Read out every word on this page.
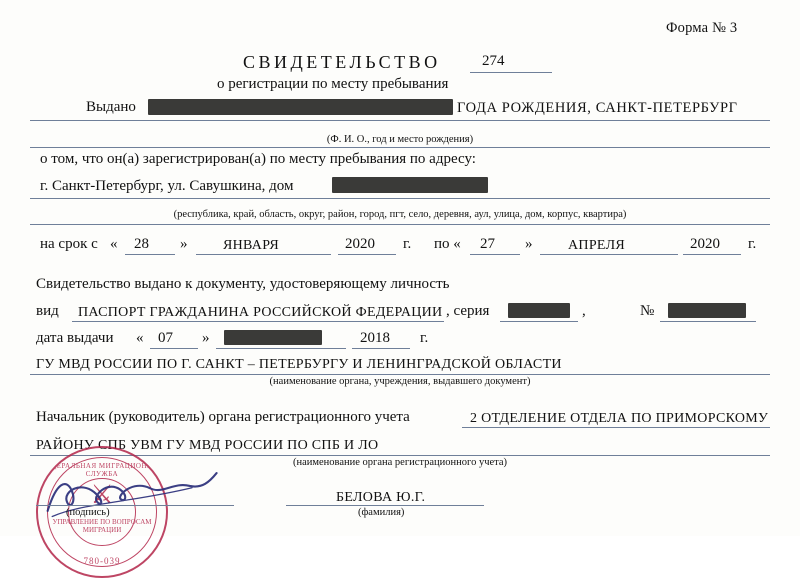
Форма № 3
СВИДЕТЕЛЬСТВО	274
о регистрации по месту пребывания
Выдано	ГОДА РОЖДЕНИЯ, САНКТ-ПЕТЕРБУРГ
(Ф. И. О., год и место рождения)
о том, что он(а) зарегистрирован(а) по месту пребывания по адресу:
г. Санкт-Петербург, ул. Савушкина, дом
(республика, край, область, округ, район, город, пгт, село, деревня, аул, улица, дом, корпус, квартира)
на срок с « 28 »	ЯНВАРЯ	2020 г. по « 27 »	АПРЕЛЯ	2020 г.
Свидетельство выдано к документу, удостоверяющему личность
вид ПАСПОРТ ГРАЖДАНИНА РОССИЙСКОЙ ФЕДЕРАЦИИ , серия	,	№
дата выдачи « 07 »	2018 г.
ГУ МВД РОССИИ ПО Г. САНКТ – ПЕТЕРБУРГУ И ЛЕНИНГРАДСКОЙ ОБЛАСТИ
(наименование органа, учреждения, выдавшего документ)
Начальник (руководитель) органа регистрационного учета	2 ОТДЕЛЕНИЕ ОТДЕЛА ПО ПРИМОРСКОМУ
РАЙОНУ СПБ УВМ ГУ МВД РОССИИ ПО СПБ И ЛО
(наименование органа регистрационного учета)
ФЕДЕРАЛЬНАЯ МИГРАЦИОННАЯ СЛУЖБА
⚔
УПРАВЛЕНИЕ ПО ВОПРОСАМ МИГРАЦИИ
780-039
(подпись)
БЕЛОВА Ю.Г.
(фамилия)
